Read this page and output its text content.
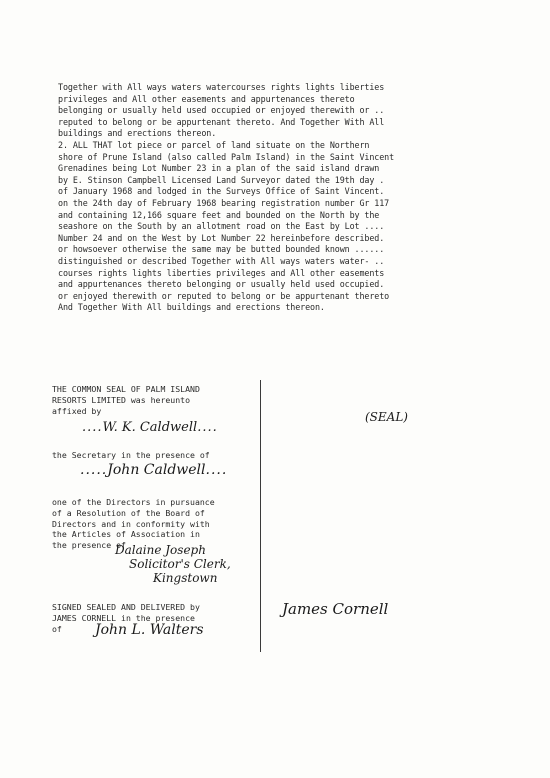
Together with All ways waters watercourses rights lights liberties
privileges and All other easements and appurtenances thereto
belonging or usually held used occupied or enjoyed therewith or ..
reputed to belong or be appurtenant thereto. And Together With All
buildings and erections thereon.
2. ALL THAT lot piece or parcel of land situate on the Northern
shore of Prune Island (also called Palm Island) in the Saint Vincent
Grenadines being Lot Number 23 in a plan of the said island drawn
by E. Stinson Campbell Licensed Land Surveyor dated the 19th day .
of January 1968 and lodged in the Surveys Office of Saint Vincent.
on the 24th day of February 1968 bearing registration number Gr 117
and containing 12,166 square feet and bounded on the North by the
seashore on the South by an allotment road on the East by Lot ....
Number 24 and on the West by Lot Number 22 hereinbefore described.
or howsoever otherwise the same may be butted bounded known ......
distinguished or described Together with All ways waters water- ..
courses rights lights liberties privileges and All other easements
and appurtenances thereto belonging or usually held used occupied.
or enjoyed therewith or reputed to belong or be appurtenant thereto
And Together With All buildings and erections thereon.
THE COMMON SEAL OF PALM ISLAND
RESORTS LIMITED was hereunto
affixed by
....W. K. Caldwell....
(SEAL)
the Secretary in the presence of
.....John Caldwell....
one of the Directors in pursuance
of a Resolution of the Board of
Directors and in conformity with
the Articles of Association in
the presence of
Dalaine Joseph
Solicitor's Clerk,
Kingstown
SIGNED SEALED AND DELIVERED by
JAMES CORNELL in the presence
of	John L. Walters
James Cornell
